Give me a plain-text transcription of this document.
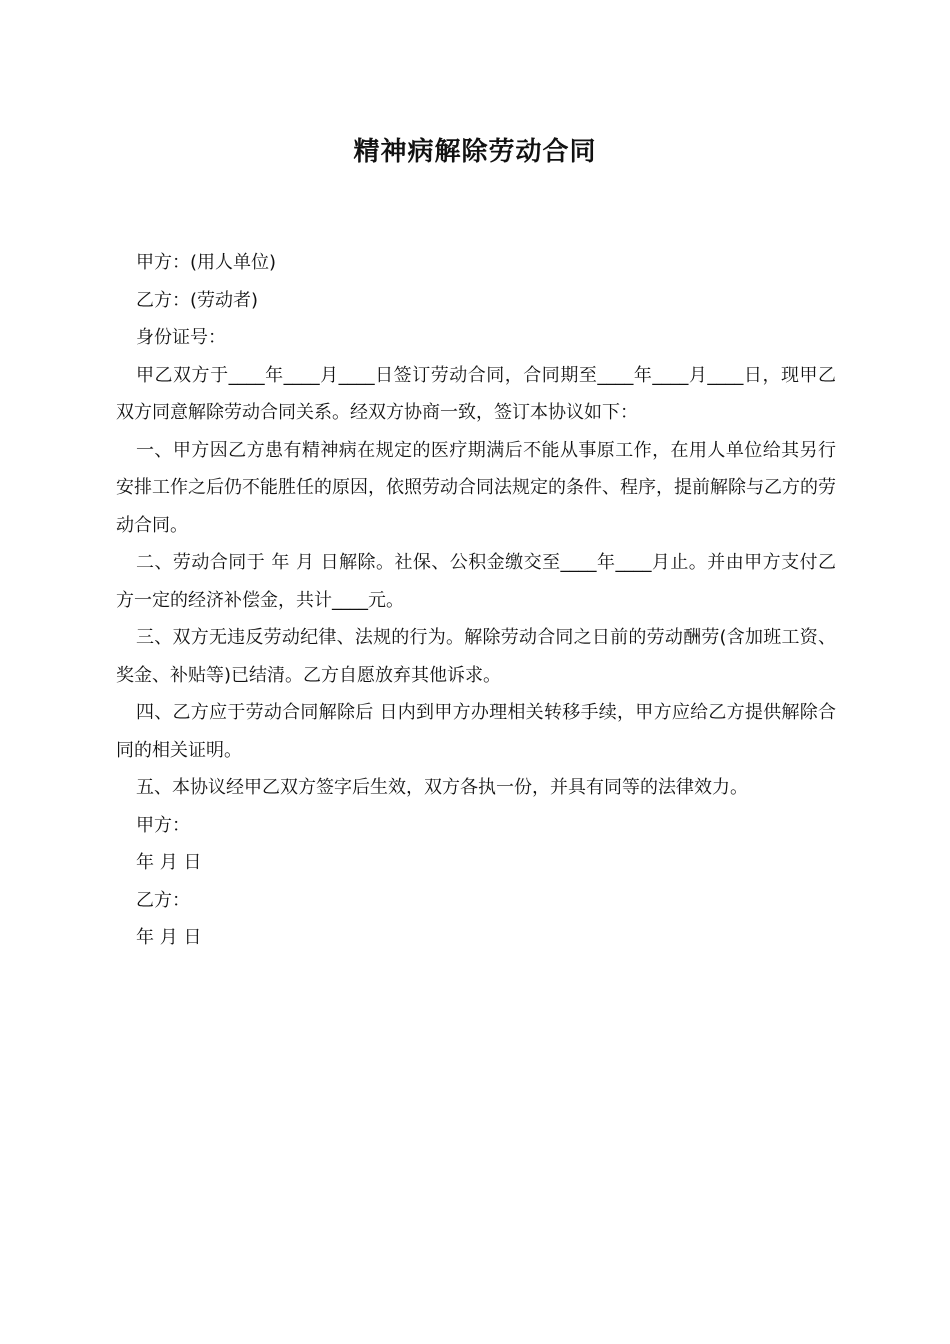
精神病解除劳动合同

甲方：(用人单位)

乙方：(劳动者)

身份证号：

甲乙双方于____年____月____日签订劳动合同，合同期至____年____月____日，现甲乙双方同意解除劳动合同关系。经双方协商一致，签订本协议如下：

一、甲方因乙方患有精神病在规定的医疗期满后不能从事原工作，在用人单位给其另行安排工作之后仍不能胜任的原因，依照劳动合同法规定的条件、程序，提前解除与乙方的劳动合同。

二、劳动合同于 年 月 日解除。社保、公积金缴交至____年____月止。并由甲方支付乙方一定的经济补偿金，共计____元。

三、双方无违反劳动纪律、法规的行为。解除劳动合同之日前的劳动酬劳(含加班工资、奖金、补贴等)已结清。乙方自愿放弃其他诉求。

四、乙方应于劳动合同解除后 日内到甲方办理相关转移手续，甲方应给乙方提供解除合同的相关证明。

五、本协议经甲乙双方签字后生效，双方各执一份，并具有同等的法律效力。

甲方：

年 月 日

乙方：

年 月 日
